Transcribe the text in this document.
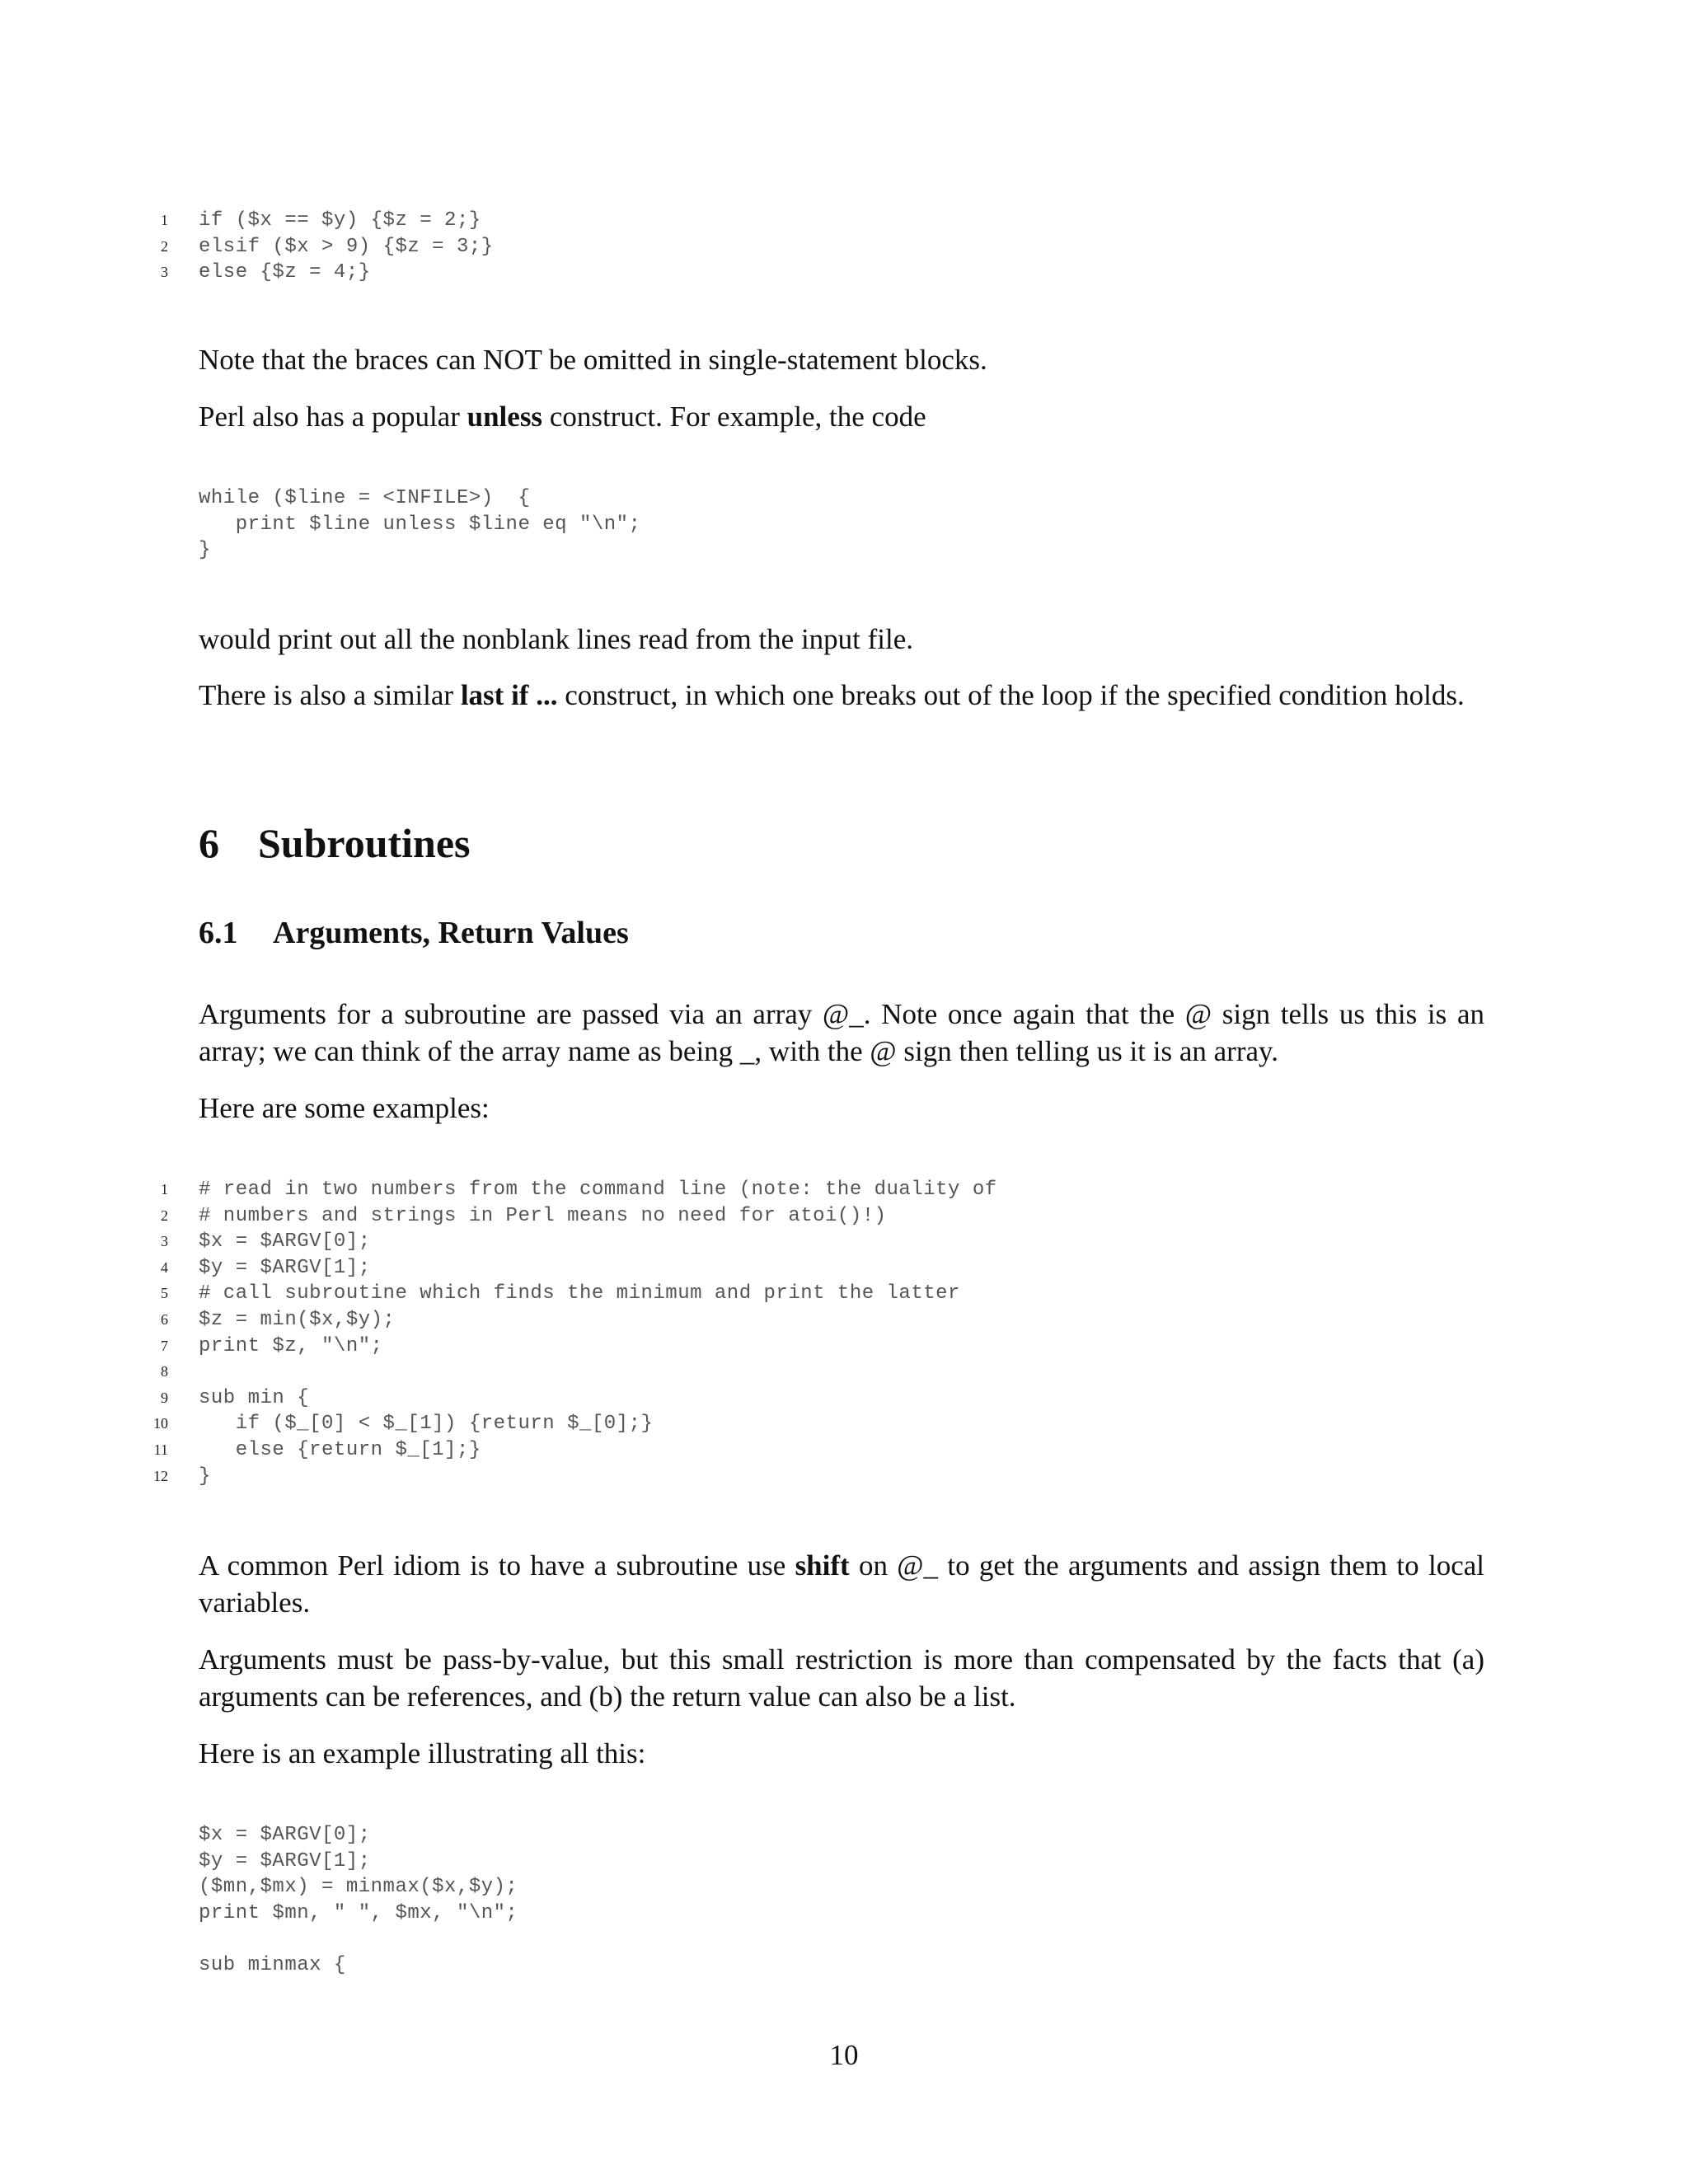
1 if ($x == $y) {$z = 2;}
2 elsif ($x > 9) {$z = 3;}
3 else {$z = 4;}

Note that the braces can NOT be omitted in single-statement blocks.

Perl also has a popular unless construct. For example, the code

while ($line = <INFILE>)  {
print $line unless $line eq "\n";
}

would print out all the nonblank lines read from the input file.

There is also a similar last if ... construct, in which one breaks out of the loop if the specified condition holds.

6 Subroutines
6.1 Arguments, Return Values

Arguments for a subroutine are passed via an array @_. Note once again that the @ sign tells us this is an array; we can think of the array name as being _, with the @ sign then telling us it is an array.

Here are some examples:

1 # read in two numbers from the command line (note: the duality of
2 # numbers and strings in Perl means no need for atoi()!)
3 $x = $ARGV[0];
4 $y = $ARGV[1];
5 # call subroutine which finds the minimum and print the latter
6 $z = min($x,$y);
7 print $z, "\n";
8
9 sub min {
10 if ($_[0] < $_[1]) {return $_[0];}
11 else {return $_[1];}
12 }

A common Perl idiom is to have a subroutine use shift on @_ to get the arguments and assign them to local variables.

Arguments must be pass-by-value, but this small restriction is more than compensated by the facts that (a) arguments can be references, and (b) the return value can also be a list.

Here is an example illustrating all this:

$x = $ARGV[0];
$y = $ARGV[1];
($mn,$mx) = minmax($x,$y);
print $mn, " ", $mx, "\n";
sub minmax {
10
